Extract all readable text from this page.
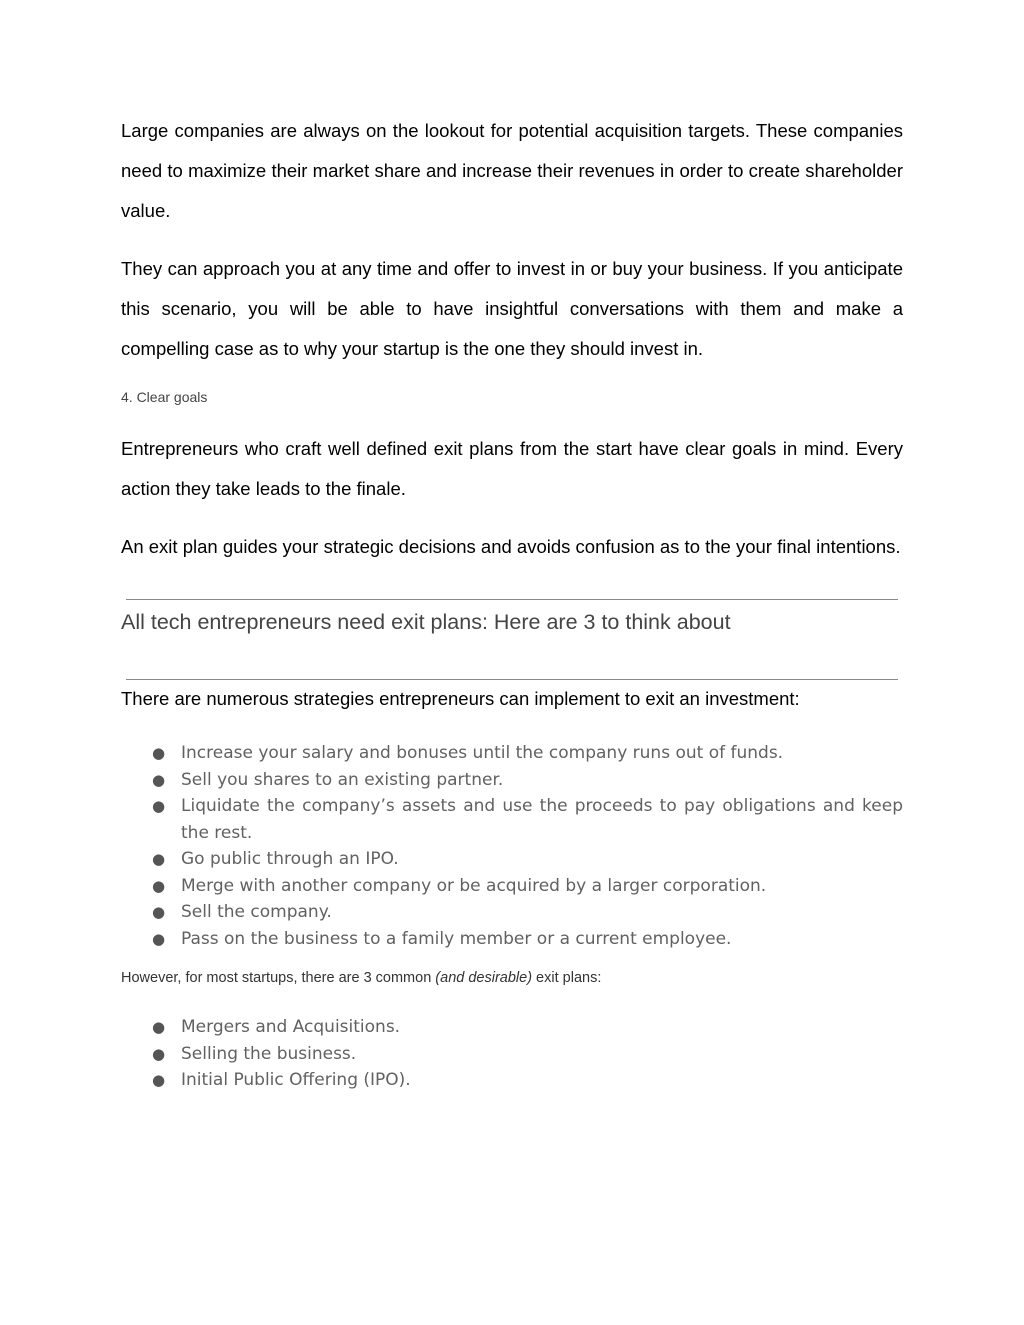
Large companies are always on the lookout for potential acquisition targets. These companies need to maximize their market share and increase their revenues in order to create shareholder value.

They can approach you at any time and offer to invest in or buy your business. If you anticipate this scenario, you will be able to have insightful conversations with them and make a compelling case as to why your startup is the one they should invest in.

4. Clear goals

Entrepreneurs who craft well defined exit plans from the start have clear goals in mind. Every action they take leads to the finale.

An exit plan guides your strategic decisions and avoids confusion as to the your final intentions.

All tech entrepreneurs need exit plans: Here are 3 to think about
There are numerous strategies entrepreneurs can implement to exit an investment:
● Increase your salary and bonuses until the company runs out of funds.
● Sell you shares to an existing partner.
● Liquidate the company’s assets and use the proceeds to pay obligations and keep the rest.
● Go public through an IPO.
● Merge with another company or be acquired by a larger corporation.
● Sell the company.
● Pass on the business to a family member or a current employee.
However, for most startups, there are 3 common (and desirable) exit plans:
● Mergers and Acquisitions.
● Selling the business.
● Initial Public Offering (IPO).
